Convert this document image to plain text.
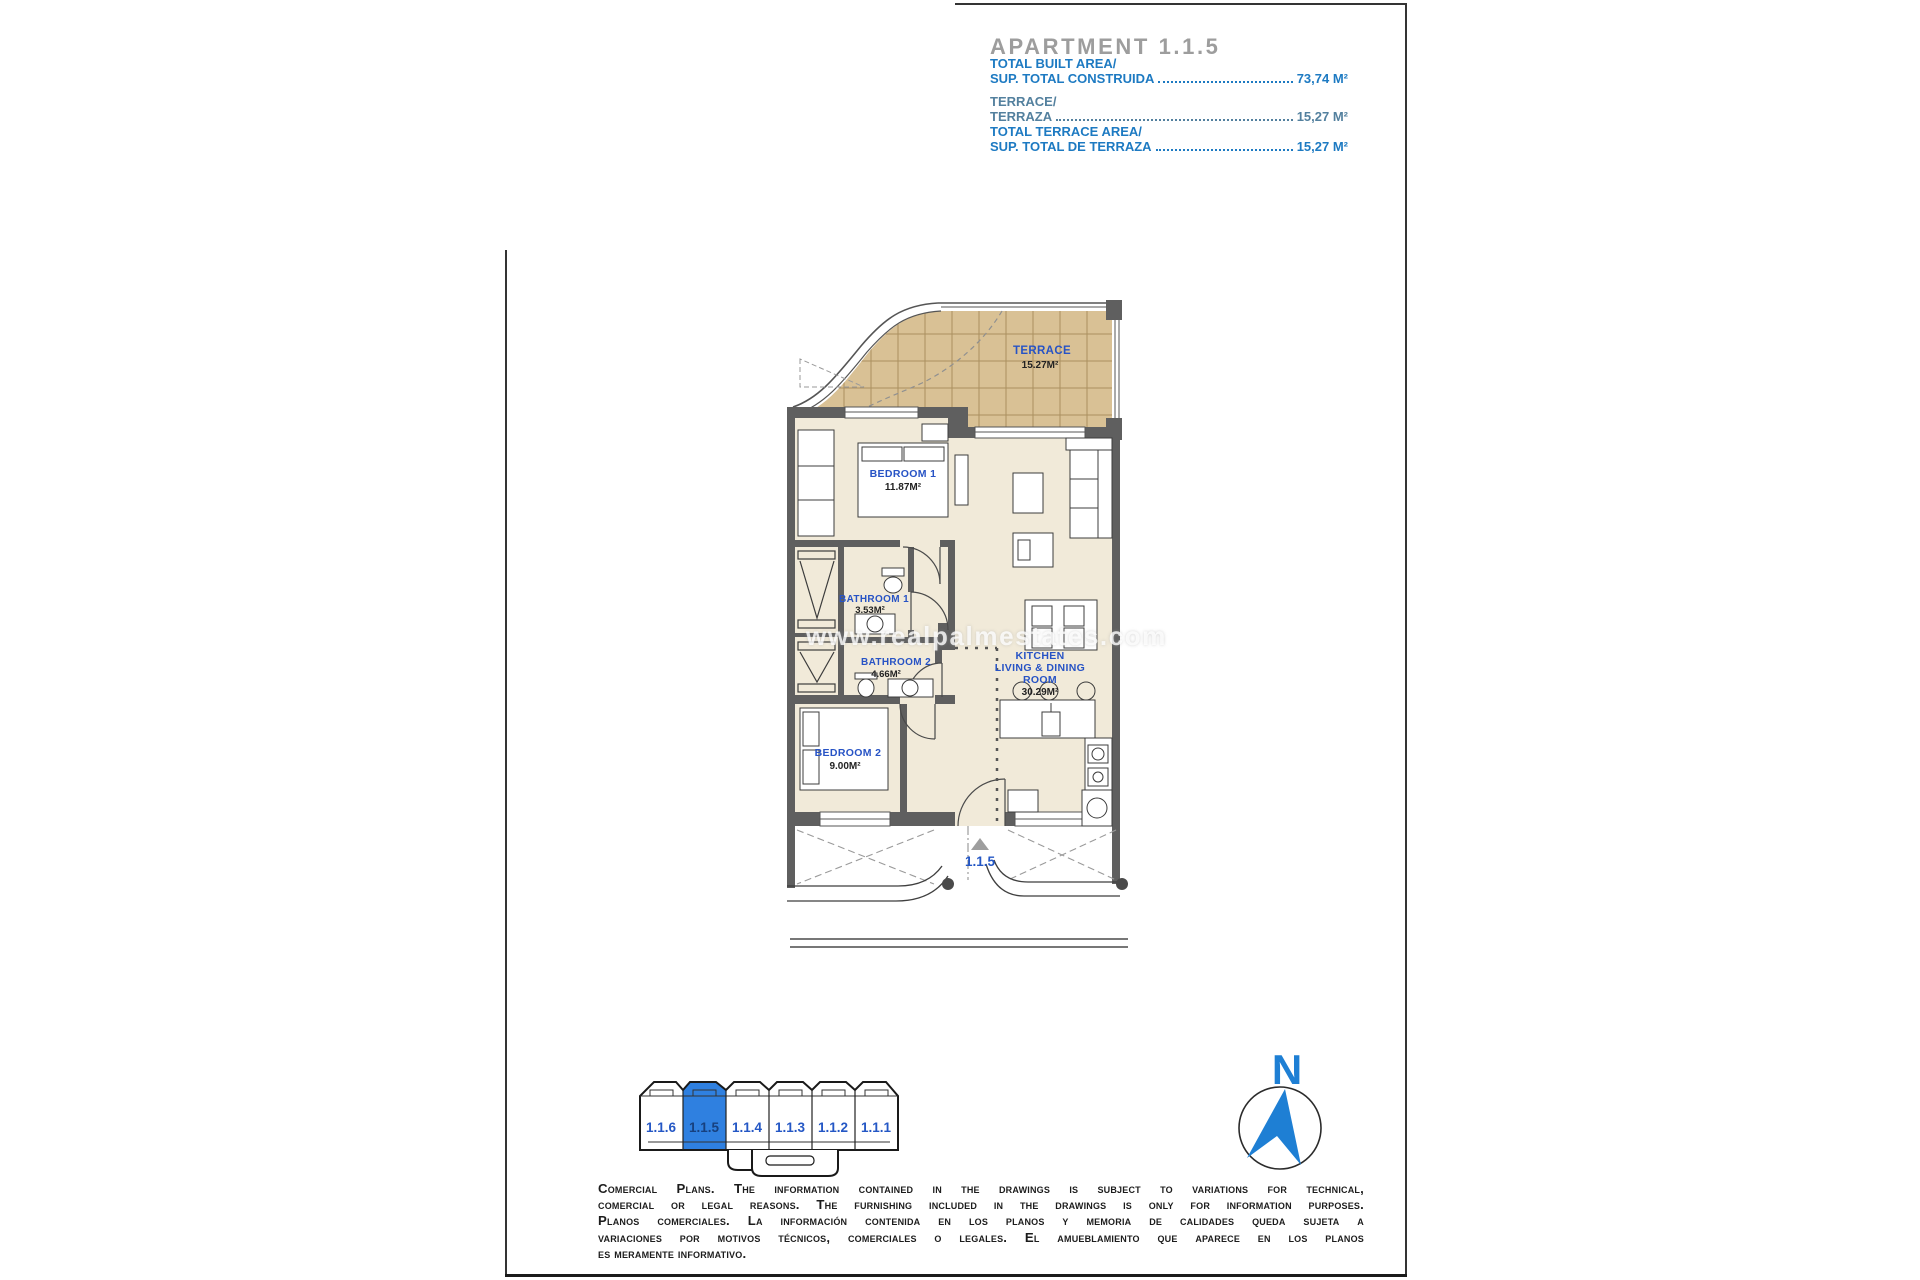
APARTMENT 1.1.5
TOTAL BUILT AREA/
SUP. TOTAL CONSTRUIDA	73,74 M²
TERRACE/
TERRAZA	15,27 M²
TOTAL TERRACE AREA/
SUP. TOTAL DE TERRAZA	15,27 M²
TERRACE
15.27M²
BEDROOM 1
11.87M²
BATHROOM 1
3.53M²
BATHROOM 2
4.66M²
KITCHEN
LIVING & DINING
ROOM
30.29M²
BEDROOM 2
9.00M²
1.1.5
www.realpalmestates.com
1.1.6 1.1.5 1.1.4 1.1.3 1.1.2 1.1.1
N
Comercial Plans. The information contained in the drawings is subject to variations for technical,
comercial or legal reasons. The furnishing included in the drawings is only for information purposes.
Planos comerciales. La información contenida en los planos y memoria de calidades queda sujeta a
variaciones por motivos técnicos, comerciales o legales. El amueblamiento que aparece en los planos
es meramente informativo.
